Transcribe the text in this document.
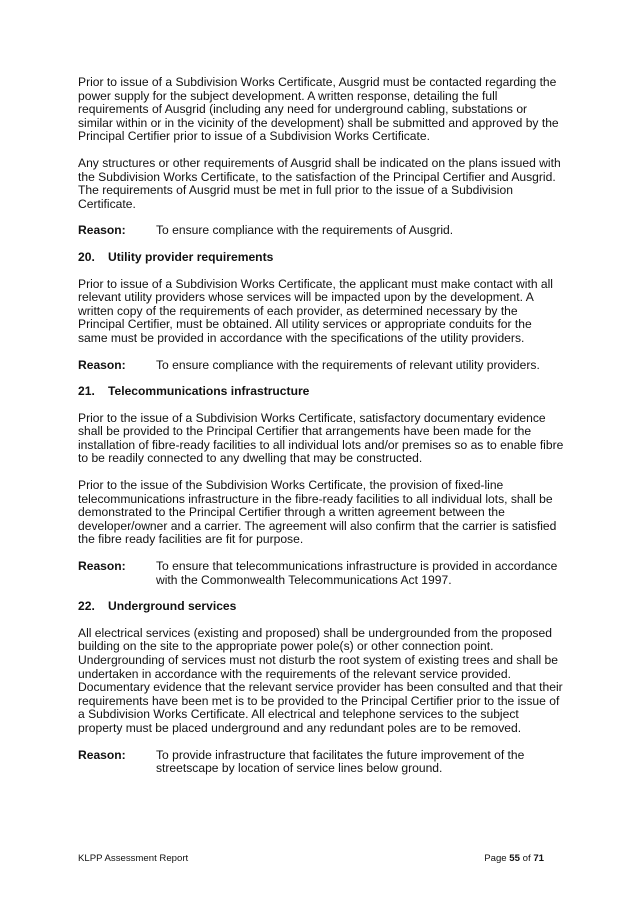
Prior to issue of a Subdivision Works Certificate, Ausgrid must be contacted regarding the power supply for the subject development. A written response, detailing the full requirements of Ausgrid (including any need for underground cabling, substations or similar within or in the vicinity of the development) shall be submitted and approved by the Principal Certifier prior to issue of a Subdivision Works Certificate.

Any structures or other requirements of Ausgrid shall be indicated on the plans issued with the Subdivision Works Certificate, to the satisfaction of the Principal Certifier and Ausgrid. The requirements of Ausgrid must be met in full prior to the issue of a Subdivision Certificate.

Reason:	To ensure compliance with the requirements of Ausgrid.
20.	Utility provider requirements

Prior to issue of a Subdivision Works Certificate, the applicant must make contact with all relevant utility providers whose services will be impacted upon by the development. A written copy of the requirements of each provider, as determined necessary by the Principal Certifier, must be obtained. All utility services or appropriate conduits for the same must be provided in accordance with the specifications of the utility providers.

Reason:	To ensure compliance with the requirements of relevant utility providers.
21.	Telecommunications infrastructure

Prior to the issue of a Subdivision Works Certificate, satisfactory documentary evidence shall be provided to the Principal Certifier that arrangements have been made for the installation of fibre-ready facilities to all individual lots and/or premises so as to enable fibre to be readily connected to any dwelling that may be constructed.

Prior to the issue of the Subdivision Works Certificate, the provision of fixed-line telecommunications infrastructure in the fibre-ready facilities to all individual lots, shall be demonstrated to the Principal Certifier through a written agreement between the developer/owner and a carrier. The agreement will also confirm that the carrier is satisfied the fibre ready facilities are fit for purpose.

Reason:	To ensure that telecommunications infrastructure is provided in accordance with the Commonwealth Telecommunications Act 1997.
22.	Underground services

All electrical services (existing and proposed) shall be undergrounded from the proposed building on the site to the appropriate power pole(s) or other connection point. Undergrounding of services must not disturb the root system of existing trees and shall be undertaken in accordance with the requirements of the relevant service provided. Documentary evidence that the relevant service provider has been consulted and that their requirements have been met is to be provided to the Principal Certifier prior to the issue of a Subdivision Works Certificate. All electrical and telephone services to the subject property must be placed underground and any redundant poles are to be removed.

Reason:	To provide infrastructure that facilitates the future improvement of the streetscape by location of service lines below ground.
KLPP Assessment Report	Page 55 of 71
